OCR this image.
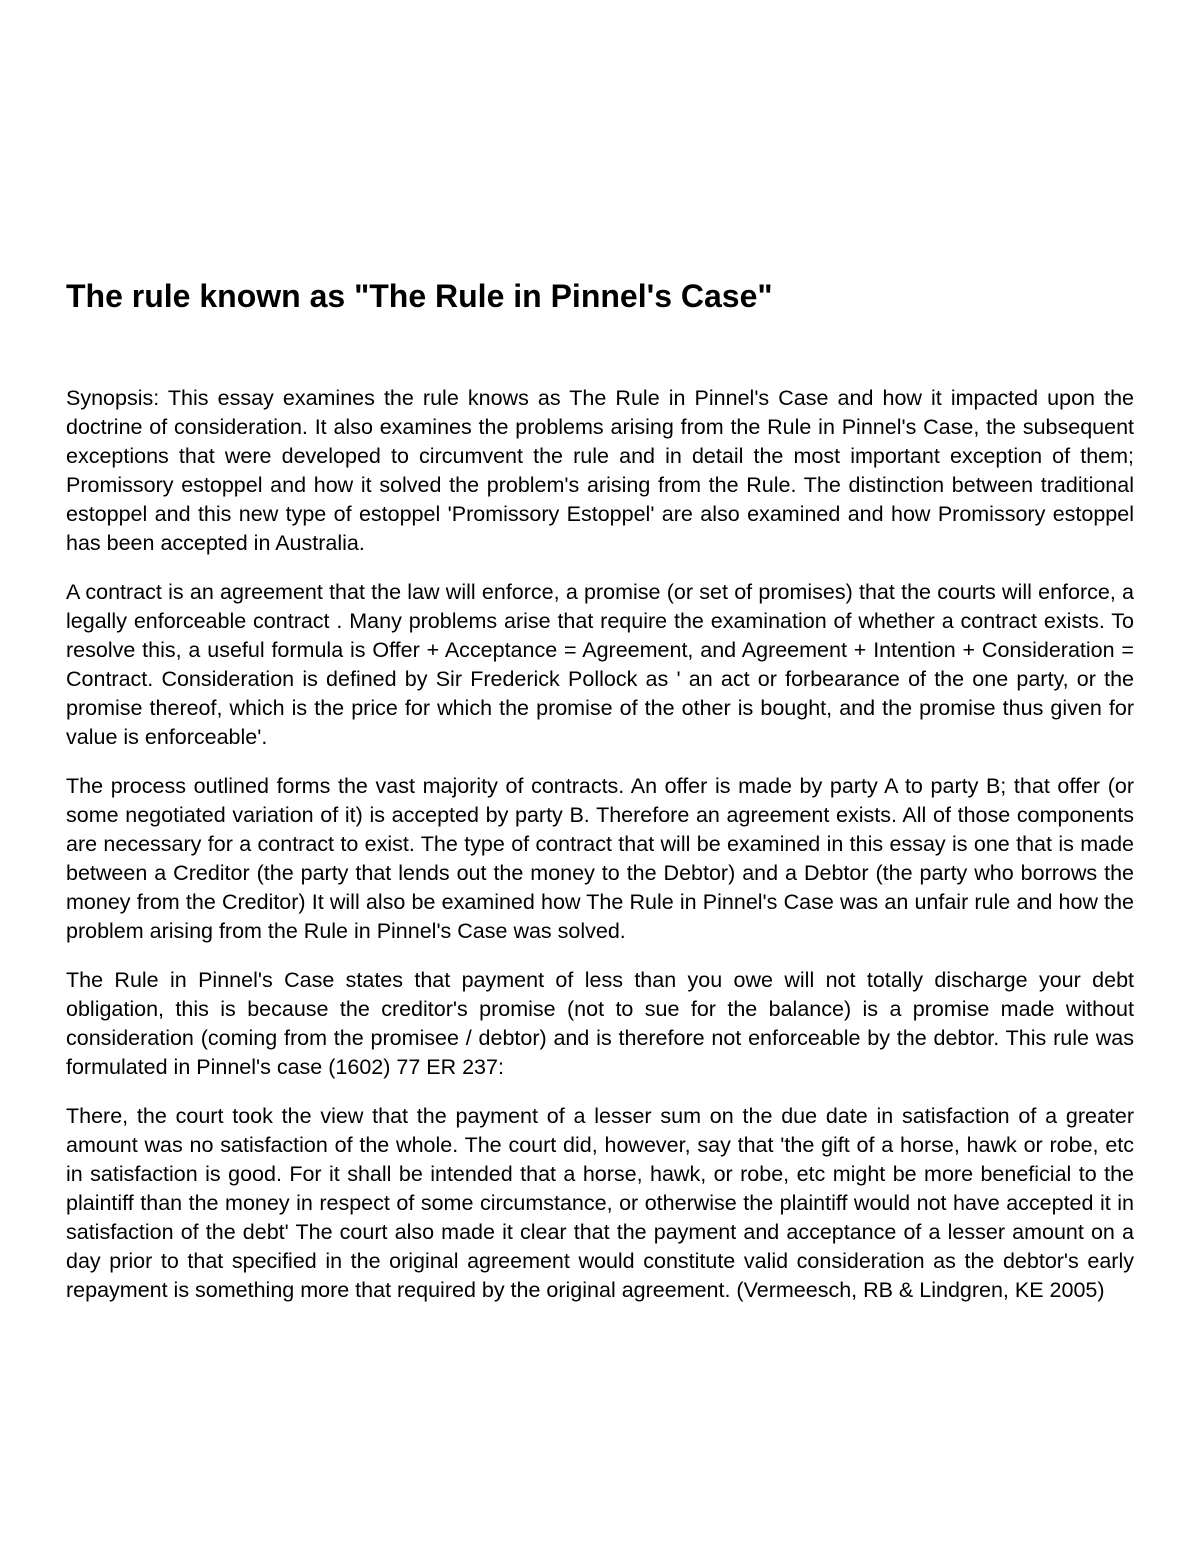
The rule known as "The Rule in Pinnel's Case"

Synopsis: This essay examines the rule knows as The Rule in Pinnel's Case and how it impacted upon the doctrine of consideration. It also examines the problems arising from the Rule in Pinnel's Case, the subsequent exceptions that were developed to circumvent the rule and in detail the most important exception of them; Promissory estoppel and how it solved the problem's arising from the Rule. The distinction between traditional estoppel and this new type of estoppel 'Promissory Estoppel' are also examined and how Promissory estoppel has been accepted in Australia.

A contract is an agreement that the law will enforce, a promise (or set of promises) that the courts will enforce, a legally enforceable contract . Many problems arise that require the examination of whether a contract exists. To resolve this, a useful formula is Offer + Acceptance = Agreement, and Agreement + Intention + Consideration = Contract. Consideration is defined by Sir Frederick Pollock as ' an act or forbearance of the one party, or the promise thereof, which is the price for which the promise of the other is bought, and the promise thus given for value is enforceable'.

The process outlined forms the vast majority of contracts. An offer is made by party A to party B; that offer (or some negotiated variation of it) is accepted by party B. Therefore an agreement exists. All of those components are necessary for a contract to exist. The type of contract that will be examined in this essay is one that is made between a Creditor (the party that lends out the money to the Debtor) and a Debtor (the party who borrows the money from the Creditor) It will also be examined how The Rule in Pinnel's Case was an unfair rule and how the problem arising from the Rule in Pinnel's Case was solved.

The Rule in Pinnel's Case states that payment of less than you owe will not totally discharge your debt obligation, this is because the creditor's promise (not to sue for the balance) is a promise made without consideration (coming from the promisee / debtor) and is therefore not enforceable by the debtor. This rule was formulated in Pinnel's case (1602) 77 ER 237:

There, the court took the view that the payment of a lesser sum on the due date in satisfaction of a greater amount was no satisfaction of the whole. The court did, however, say that 'the gift of a horse, hawk or robe, etc in satisfaction is good. For it shall be intended that a horse, hawk, or robe, etc might be more beneficial to the plaintiff than the money in respect of some circumstance, or otherwise the plaintiff would not have accepted it in satisfaction of the debt' The court also made it clear that the payment and acceptance of a lesser amount on a day prior to that specified in the original agreement would constitute valid consideration as the debtor's early repayment is something more that required by the original agreement. (Vermeesch, RB & Lindgren, KE 2005)
